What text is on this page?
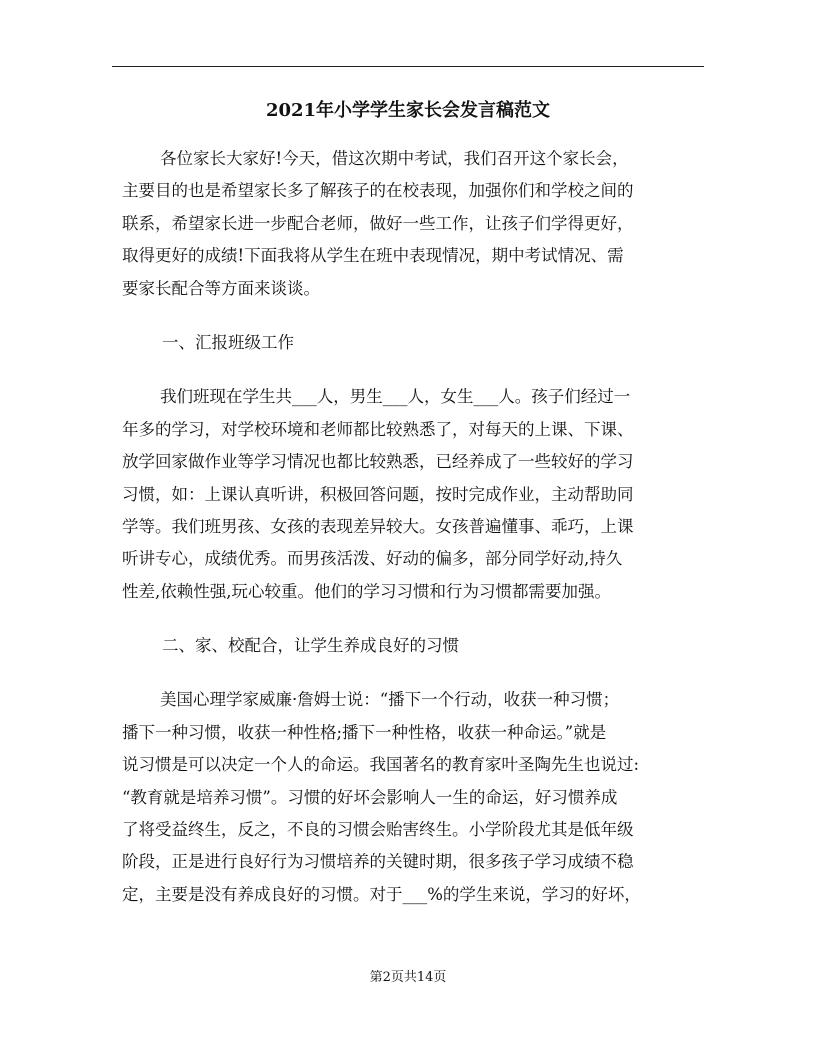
2021年小学学生家长会发言稿范文
各位家长大家好!今天，借这次期中考试，我们召开这个家长会，
主要目的也是希望家长多了解孩子的在校表现，加强你们和学校之间的
联系，希望家长进一步配合老师，做好一些工作，让孩子们学得更好，
取得更好的成绩!下面我将从学生在班中表现情况，期中考试情况、需
要家长配合等方面来谈谈。
一、汇报班级工作
我们班现在学生共___人，男生___人，女生___人。孩子们经过一
年多的学习，对学校环境和老师都比较熟悉了，对每天的上课、下课、
放学回家做作业等学习情况也都比较熟悉，已经养成了一些较好的学习
习惯，如：上课认真听讲，积极回答问题，按时完成作业，主动帮助同
学等。我们班男孩、女孩的表现差异较大。女孩普遍懂事、乖巧，上课
听讲专心，成绩优秀。而男孩活泼、好动的偏多，部分同学好动,持久
性差,依赖性强,玩心较重。他们的学习习惯和行为习惯都需要加强。
二、家、校配合，让学生养成良好的习惯
美国心理学家威廉·詹姆士说：“播下一个行动，收获一种习惯；
播下一种习惯，收获一种性格;播下一种性格，收获一种命运。”就是
说习惯是可以决定一个人的命运。我国著名的教育家叶圣陶先生也说过:
“教育就是培养习惯”。习惯的好坏会影响人一生的命运，好习惯养成
了将受益终生，反之，不良的习惯会贻害终生。小学阶段尤其是低年级
阶段，正是进行良好行为习惯培养的关键时期，很多孩子学习成绩不稳
定，主要是没有养成良好的习惯。对于___%的学生来说，学习的好坏，
第2页共14页
